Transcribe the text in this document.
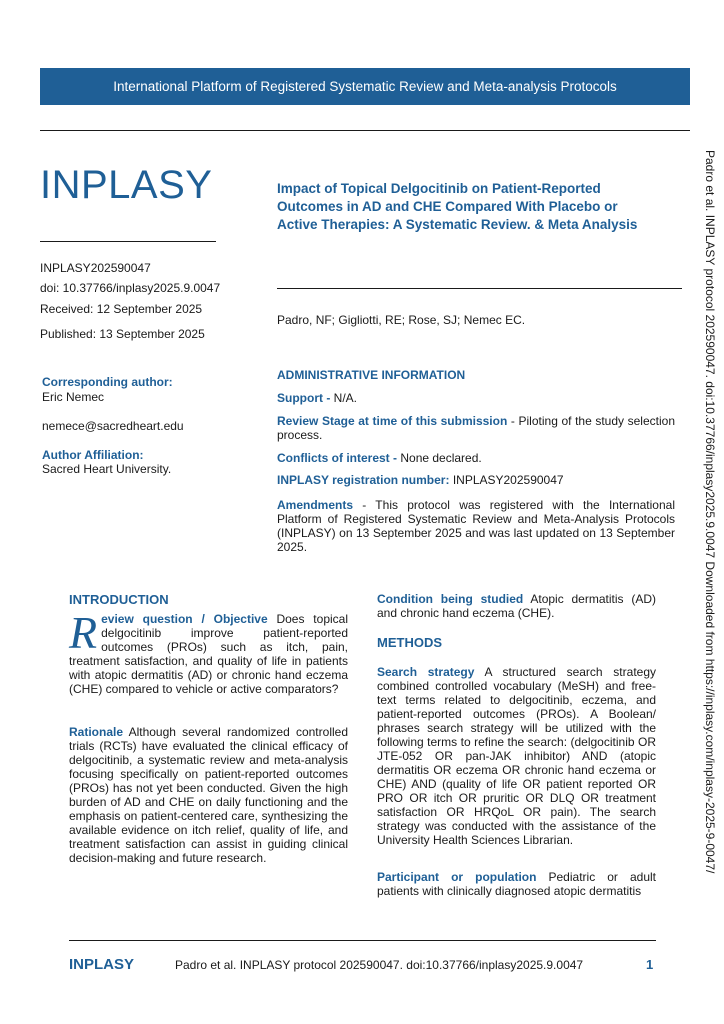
International Platform of Registered Systematic Review and Meta-analysis Protocols
INPLASY
INPLASY202590047
doi: 10.37766/inplasy2025.9.0047
Received: 12 September 2025
Published: 13 September 2025
Corresponding author:
Eric Nemec
nemece@sacredheart.edu
Author Affiliation:
Sacred Heart University.
Impact of Topical Delgocitinib on Patient-Reported
Outcomes in AD and CHE Compared With Placebo or
Active Therapies: A Systematic Review. & Meta Analysis
Padro, NF; Gigliotti, RE; Rose, SJ; Nemec EC.
ADMINISTRATIVE INFORMATION
Support - N/A.
Review Stage at time of this submission - Piloting of the study selection process.
Conflicts of interest - None declared.
INPLASY registration number: INPLASY202590047
Amendments - This protocol was registered with the International Platform of Registered Systematic Review and Meta-Analysis Protocols (INPLASY) on 13 September 2025 and was last updated on 13 September 2025.	Padro et al. INPLASY protocol 202590047. doi:10.37766/inplasy2025.9.0047 Downloaded from https://inplasy.com/inplasy-2025-9-0047/
INTRODUCTION
Review question / Objective Does topical delgocitinib improve patient-reported outcomes (PROs) such as itch, pain, treatment satisfaction, and quality of life in patients with atopic dermatitis (AD) or chronic hand eczema (CHE) compared to vehicle or active comparators?
Rationale Although several randomized controlled trials (RCTs) have evaluated the clinical efficacy of delgocitinib, a systematic review and meta-analysis focusing specifically on patient-reported outcomes (PROs) has not yet been conducted. Given the high burden of AD and CHE on daily functioning and the emphasis on patient-centered care, synthesizing the available evidence on itch relief, quality of life, and treatment satisfaction can assist in guiding clinical decision-making and future research.
Condition being studied Atopic dermatitis (AD) and chronic hand eczema (CHE).
METHODS
Search strategy A structured search strategy combined controlled vocabulary (MeSH) and free-text terms related to delgocitinib, eczema, and patient-reported outcomes (PROs). A Boolean/ phrases search strategy will be utilized with the following terms to refine the search: (delgocitinib OR JTE-052 OR pan-JAK inhibitor) AND (atopic dermatitis OR eczema OR chronic hand eczema or CHE) AND (quality of life OR patient reported OR PRO OR itch OR pruritic OR DLQ OR treatment satisfaction OR HRQoL OR pain). The search strategy was conducted with the assistance of the University Health Sciences Librarian.
Participant or population Pediatric or adult patients with clinically diagnosed atopic dermatitis
INPLASY	Padro et al. INPLASY protocol 202590047. doi:10.37766/inplasy2025.9.0047	1
